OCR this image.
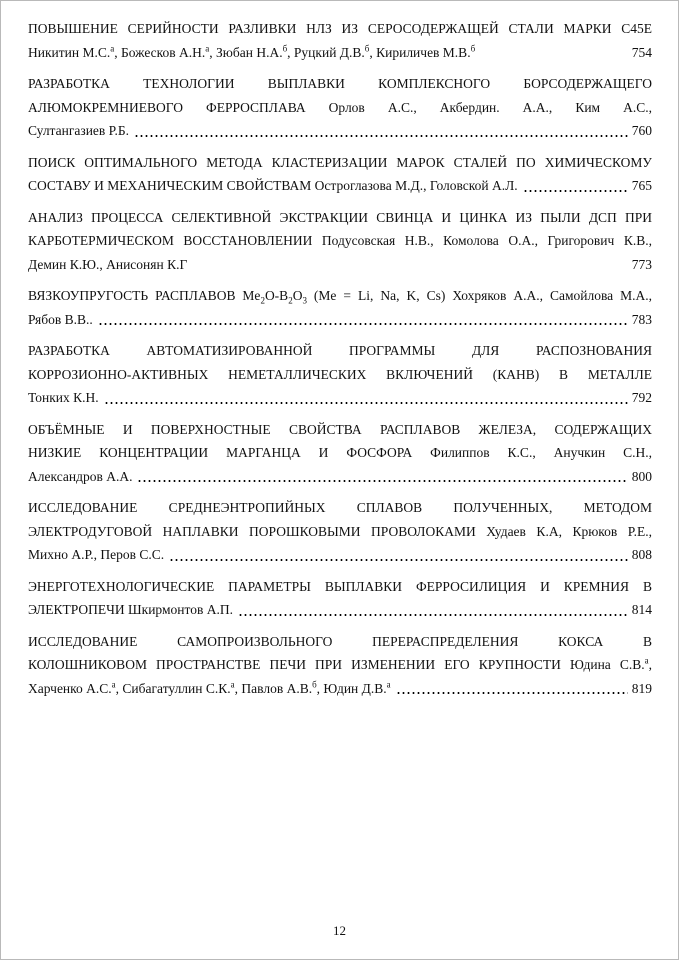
ПОВЫШЕНИЕ СЕРИЙНОСТИ РАЗЛИВКИ НЛЗ ИЗ СЕРОСОДЕРЖАЩЕЙ СТАЛИ МАРКИ C45E
Никитин М.С.$^а$, Божесков А.Н.$^а$, Зюбан Н.А.$^б$, Руцкий Д.В.$^б$, Кириличев М.В.$^б$	754
РАЗРАБОТКА ТЕХНОЛОГИИ ВЫПЛАВКИ КОМПЛЕКСНОГО БОРСОДЕРЖАЩЕГО
АЛЮМОКРЕМНИЕВОГО ФЕРРОСПЛАВА Орлов А.С., Акбердин. А.А., Ким А.С.,
Султангазиев Р.Б.	760
ПОИСК ОПТИМАЛЬНОГО МЕТОДА КЛАСТЕРИЗАЦИИ МАРОК СТАЛЕЙ ПО ХИМИЧЕСКОМУ
СОСТАВУ И МЕХАНИЧЕСКИМ СВОЙСТВАМ Остроглазова М.Д., Головской А.Л.	765
АНАЛИЗ ПРОЦЕССА СЕЛЕКТИВНОЙ ЭКСТРАКЦИИ СВИНЦА И ЦИНКА ИЗ ПЫЛИ ДСП ПРИ
КАРБОТЕРМИЧЕСКОМ ВОССТАНОВЛЕНИИ Подусовская Н.В., Комолова О.А., Григорович К.В.,
Демин К.Ю., Анисонян К.Г	773
ВЯЗКОУПРУГОСТЬ РАСПЛАВОВ $Me_2O-B_2O_3$ (Me = Li, Na, K, Cs) Хохряков А.А., Самойлова М.А.,
Рябов В.В..	783
РАЗРАБОТКА АВТОМАТИЗИРОВАННОЙ ПРОГРАММЫ ДЛЯ РАСПОЗНОВАНИЯ
КОРРОЗИОННО-АКТИВНЫХ НЕМЕТАЛЛИЧЕСКИХ ВКЛЮЧЕНИЙ (КАНВ) В МЕТАЛЛЕ
Тонких К.Н.	792
ОБЪЁМНЫЕ И ПОВЕРХНОСТНЫЕ СВОЙСТВА РАСПЛАВОВ ЖЕЛЕЗА, СОДЕРЖАЩИХ
НИЗКИЕ КОНЦЕНТРАЦИИ МАРГАНЦА И ФОСФОРА Филиппов К.С., Анучкин С.Н.,
Александров А.А.	800
ИССЛЕДОВАНИЕ СРЕДНЕЭНТРОПИЙНЫХ СПЛАВОВ ПОЛУЧЕННЫХ, МЕТОДОМ
ЭЛЕКТРОДУГОВОЙ НАПЛАВКИ ПОРОШКОВЫМИ ПРОВОЛОКАМИ Худаев К.А, Крюков Р.Е.,
Михно А.Р., Перов С.С.	808
ЭНЕРГОТЕХНОЛОГИЧЕСКИЕ ПАРАМЕТРЫ ВЫПЛАВКИ ФЕРРОСИЛИЦИЯ И КРЕМНИЯ В
ЭЛЕКТРОПЕЧИ Шкирмонтов А.П.	814
ИССЛЕДОВАНИЕ САМОПРОИЗВОЛЬНОГО ПЕРЕРАСПРЕДЕЛЕНИЯ КОКСА В
КОЛОШНИКОВОМ ПРОСТРАНСТВЕ ПЕЧИ ПРИ ИЗМЕНЕНИИ ЕГО КРУПНОСТИ Юдина С.В.$^а$,
Харченко А.С.$^а$, Сибагатуллин С.К.$^а$, Павлов А.В.$^б$, Юдин Д.В.$^а$	819
12
